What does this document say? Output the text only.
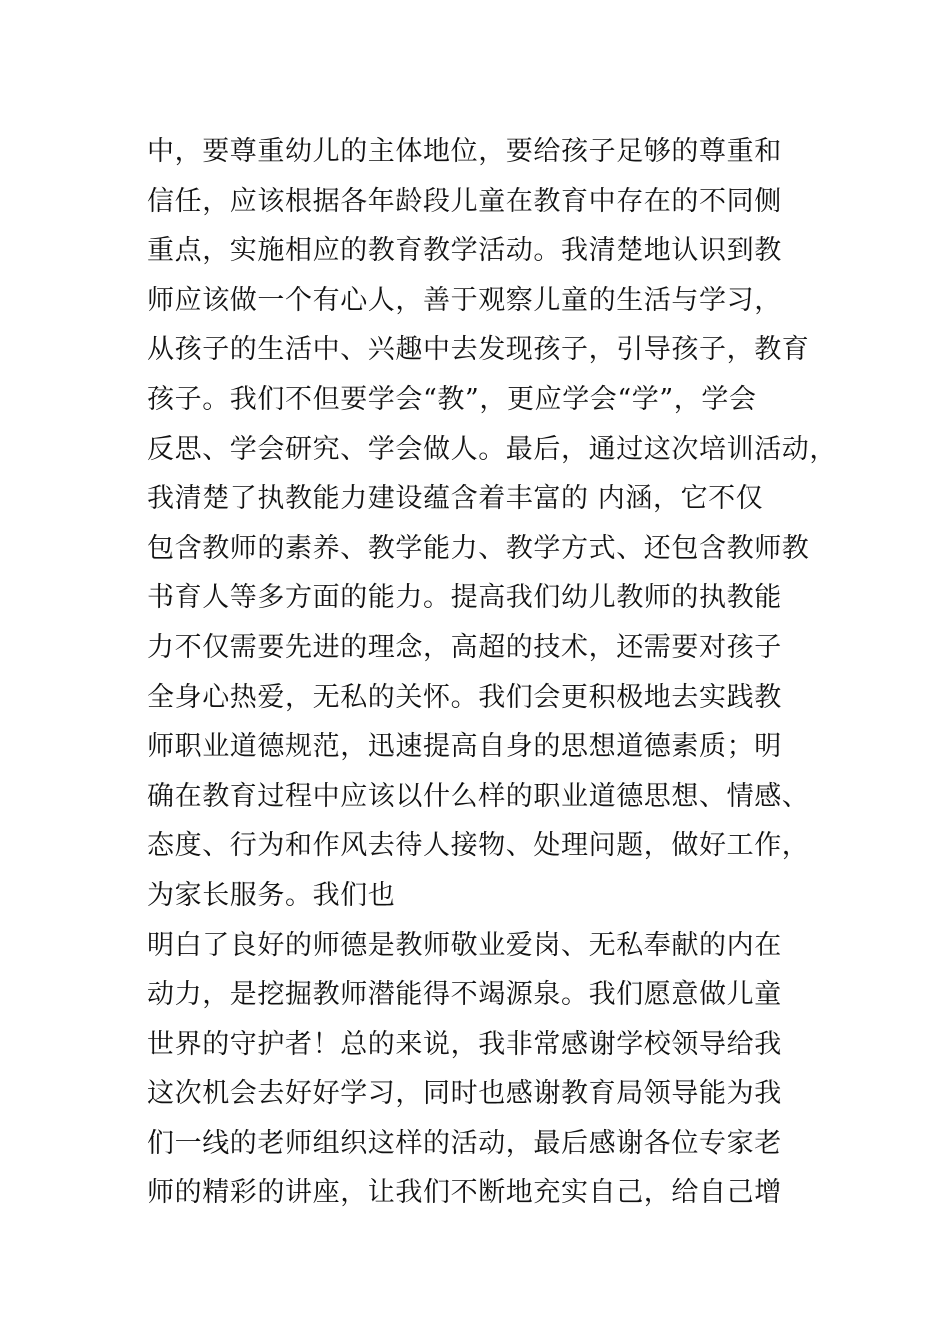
中，要尊重幼儿的主体地位，要给孩子足够的尊重和
信任，应该根据各年龄段儿童在教育中存在的不同侧
重点，实施相应的教育教学活动。我清楚地认识到教
师应该做一个有心人，善于观察儿童的生活与学习，
从孩子的生活中、兴趣中去发现孩子，引导孩子，教育
孩子。我们不但要学会“教”，更应学会“学”，学会
反思、学会研究、学会做人。最后，通过这次培训活动，
我清楚了执教能力建设蕴含着丰富的 内涵，它不仅
包含教师的素养、教学能力、教学方式、还包含教师教
书育人等多方面的能力。提高我们幼儿教师的执教能
力不仅需要先进的理念，高超的技术，还需要对孩子
全身心热爱，无私的关怀。我们会更积极地去实践教
师职业道德规范，迅速提高自身的思想道德素质；明
确在教育过程中应该以什么样的职业道德思想、情感、
态度、行为和作风去待人接物、处理问题，做好工作，
为家长服务。我们也
明白了良好的师德是教师敬业爱岗、无私奉献的内在
动力，是挖掘教师潜能得不竭源泉。我们愿意做儿童
世界的守护者！总的来说，我非常感谢学校领导给我
这次机会去好好学习，同时也感谢教育局领导能为我
们一线的老师组织这样的活动，最后感谢各位专家老
师的精彩的讲座，让我们不断地充实自己，给自己增
